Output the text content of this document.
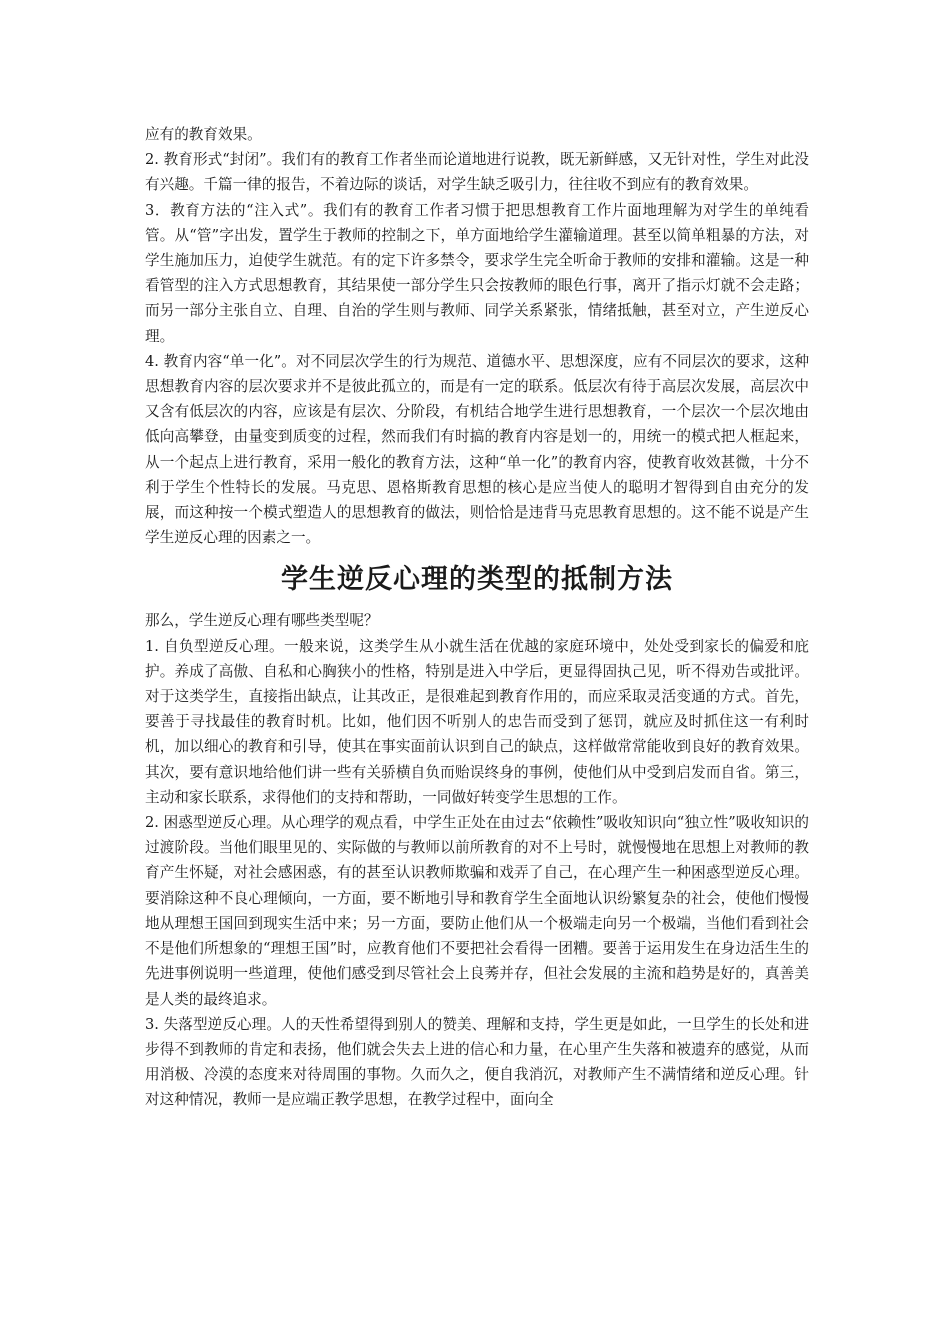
应有的教育效果。

2. 教育形式“封闭”。我们有的教育工作者坐而论道地进行说教，既无新鲜感，又无针对性，学生对此没有兴趣。千篇一律的报告，不着边际的谈话，对学生缺乏吸引力，往往收不到应有的教育效果。

3．教育方法的“注入式”。我们有的教育工作者习惯于把思想教育工作片面地理解为对学生的单纯看管。从“管”字出发，置学生于教师的控制之下，单方面地给学生灌输道理。甚至以简单粗暴的方法，对学生施加压力，迫使学生就范。有的定下许多禁令，要求学生完全听命于教师的安排和灌输。这是一种看管型的注入方式思想教育，其结果使一部分学生只会按教师的眼色行事，离开了指示灯就不会走路；而另一部分主张自立、自理、自治的学生则与教师、同学关系紧张，情绪抵触，甚至对立，产生逆反心理。

4. 教育内容“单一化”。对不同层次学生的行为规范、道德水平、思想深度，应有不同层次的要求，这种思想教育内容的层次要求并不是彼此孤立的，而是有一定的联系。低层次有待于高层次发展，高层次中又含有低层次的内容，应该是有层次、分阶段，有机结合地学生进行思想教育，一个层次一个层次地由低向高攀登，由量变到质变的过程，然而我们有时搞的教育内容是划一的，用统一的模式把人框起来，从一个起点上进行教育，采用一般化的教育方法，这种“单一化”的教育内容，使教育收效甚微，十分不利于学生个性特长的发展。马克思、恩格斯教育思想的核心是应当使人的聪明才智得到自由充分的发展，而这种按一个模式塑造人的思想教育的做法，则恰恰是违背马克思教育思想的。这不能不说是产生学生逆反心理的因素之一。

学生逆反心理的类型的抵制方法

那么，学生逆反心理有哪些类型呢？

1. 自负型逆反心理。一般来说，这类学生从小就生活在优越的家庭环境中，处处受到家长的偏爱和庇护。养成了高傲、自私和心胸狭小的性格，特别是进入中学后，更显得固执己见，听不得劝告或批评。对于这类学生，直接指出缺点，让其改正，是很难起到教育作用的，而应采取灵活变通的方式。首先，要善于寻找最佳的教育时机。比如，他们因不听别人的忠告而受到了惩罚，就应及时抓住这一有利时机，加以细心的教育和引导，使其在事实面前认识到自己的缺点，这样做常常能收到良好的教育效果。其次，要有意识地给他们讲一些有关骄横自负而贻误终身的事例，使他们从中受到启发而自省。第三，主动和家长联系，求得他们的支持和帮助，一同做好转变学生思想的工作。

2. 困惑型逆反心理。从心理学的观点看，中学生正处在由过去“依赖性”吸收知识向“独立性”吸收知识的过渡阶段。当他们眼里见的、实际做的与教师以前所教育的对不上号时，就慢慢地在思想上对教师的教育产生怀疑，对社会感困惑，有的甚至认识教师欺骗和戏弄了自己，在心理产生一种困惑型逆反心理。要消除这种不良心理倾向，一方面，要不断地引导和教育学生全面地认识纷繁复杂的社会，使他们慢慢地从理想王国回到现实生活中来；另一方面，要防止他们从一个极端走向另一个极端，当他们看到社会不是他们所想象的“理想王国”时，应教育他们不要把社会看得一团糟。要善于运用发生在身边活生生的先进事例说明一些道理，使他们感受到尽管社会上良莠并存，但社会发展的主流和趋势是好的，真善美是人类的最终追求。

3. 失落型逆反心理。人的天性希望得到别人的赞美、理解和支持，学生更是如此，一旦学生的长处和进步得不到教师的肯定和表扬，他们就会失去上进的信心和力量，在心里产生失落和被遗弃的感觉，从而用消极、冷漠的态度来对待周围的事物。久而久之，便自我消沉，对教师产生不满情绪和逆反心理。针对这种情况，教师一是应端正教学思想，在教学过程中，面向全
